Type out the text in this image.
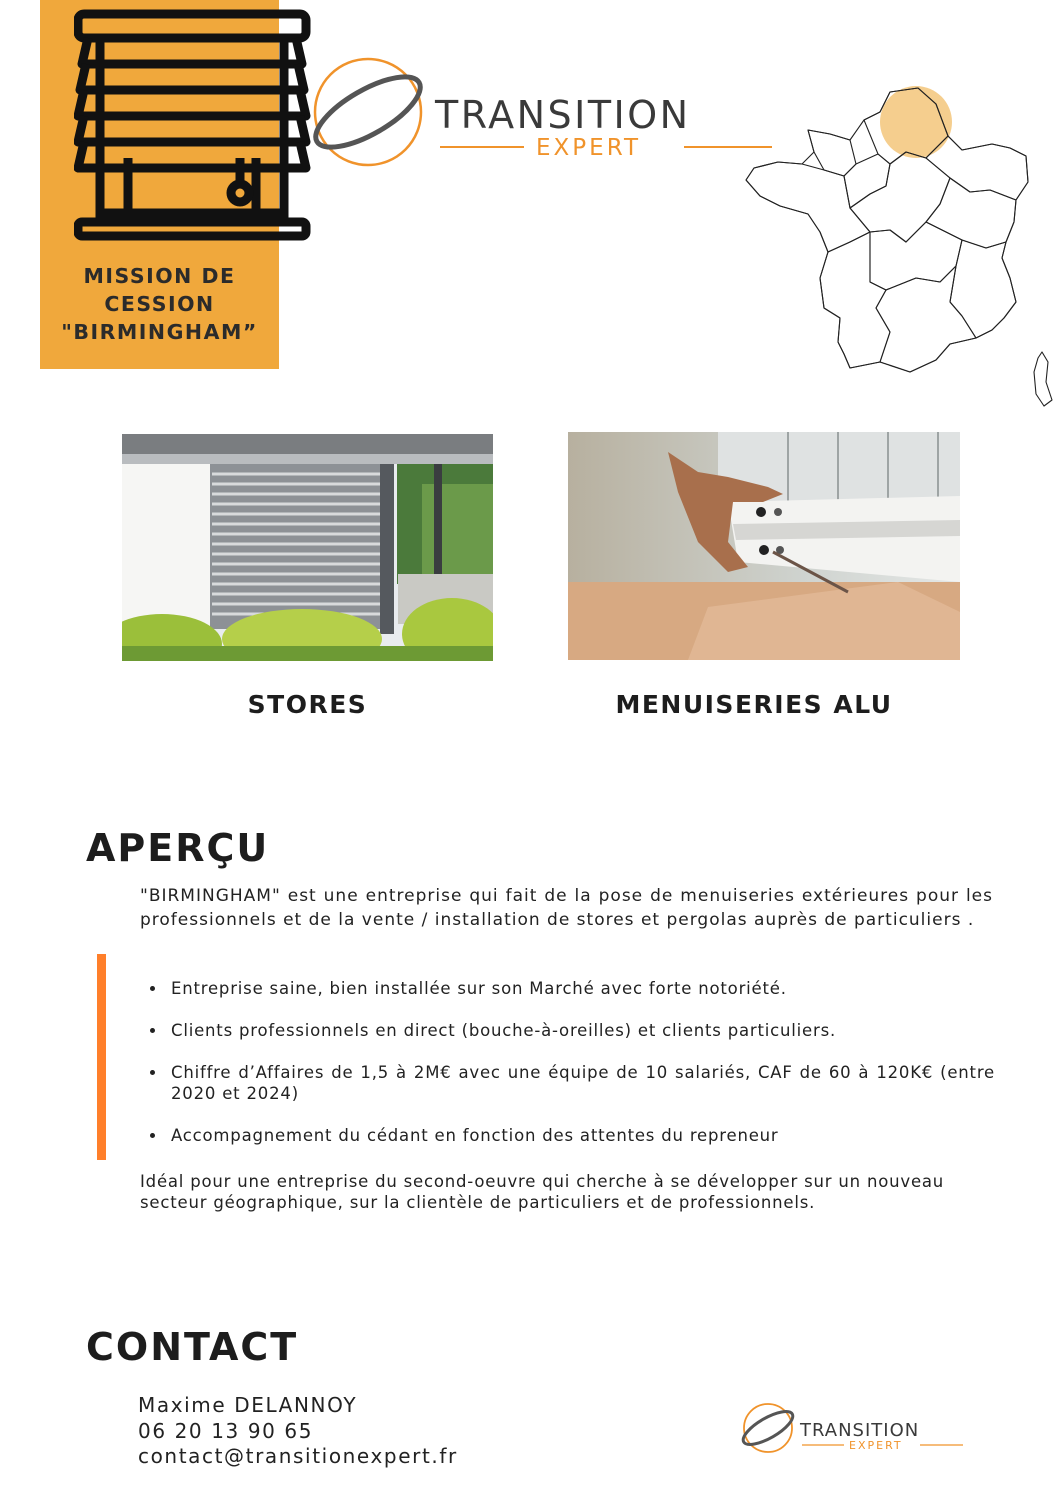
MISSION DE
CESSION
"BIRMINGHAM”
TRANSITION
EXPERT
STORES	MENUISERIES ALU
APERÇU
"BIRMINGHAM" est une entreprise qui fait de la pose de menuiseries extérieures pour les professionnels et de la vente / installation de stores et pergolas auprès de particuliers .
Entreprise saine, bien installée sur son Marché avec forte notoriété.
Clients professionnels en direct (bouche-à-oreilles) et clients particuliers.
Chiffre d’Affaires de 1,5 à 2M€ avec une équipe de 10 salariés, CAF de 60 à 120K€ (entre 2020 et 2024)
Accompagnement du cédant en fonction des attentes du repreneur
Idéal pour une entreprise du second-oeuvre qui cherche à se développer sur un nouveau secteur géographique, sur la clientèle de particuliers et de professionnels.
CONTACT
Maxime DELANNOY
06 20 13 90 65
contact@transitionexpert.fr
TRANSITION
EXPERT
